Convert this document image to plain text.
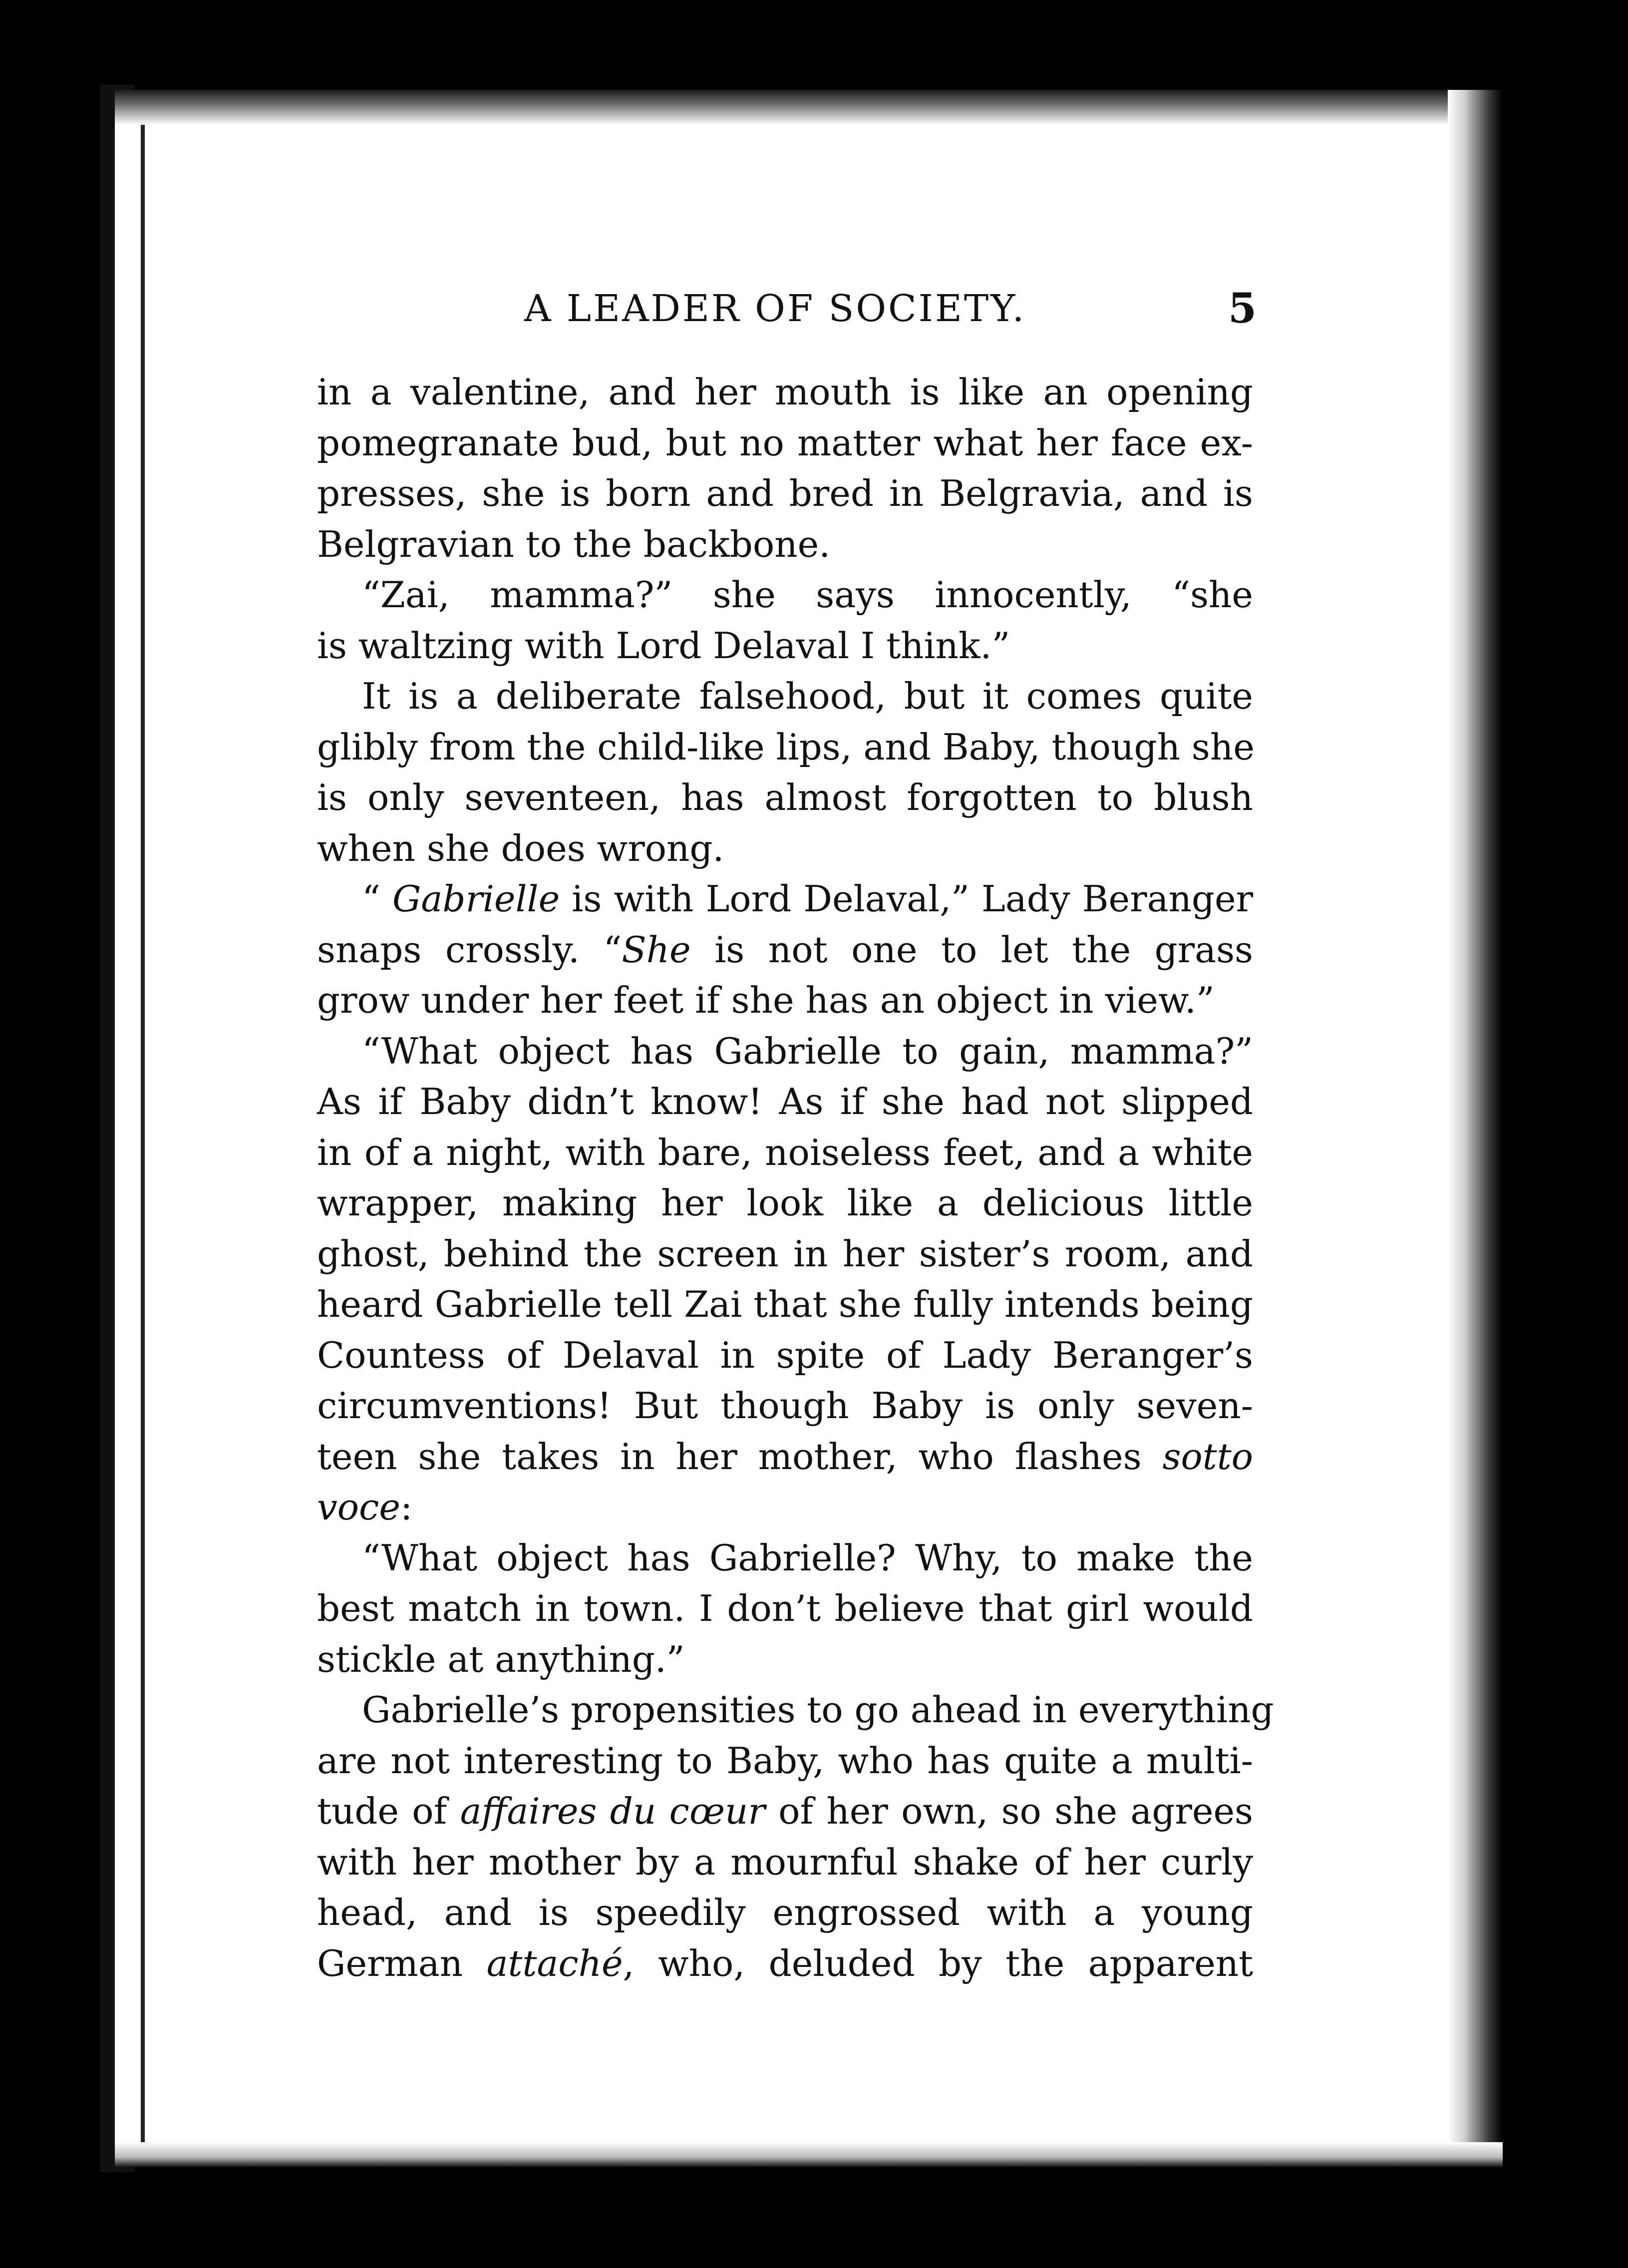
A LEADER OF SOCIETY.	5
in a valentine, and her mouth is like an opening
pomegranate bud, but no matter what her face ex-
presses, she is born and bred in Belgravia, and is
Belgravian to the backbone.
“Zai, mamma?” she says innocently, “she
is waltzing with Lord Delaval I think.”
It is a deliberate falsehood, but it comes quite
glibly from the child-like lips, and Baby, though she
is only seventeen, has almost forgotten to blush
when she does wrong.
“ Gabrielle is with Lord Delaval,” Lady Beranger
snaps crossly. “She is not one to let the grass
grow under her feet if she has an object in view.”
“What object has Gabrielle to gain, mamma?”
As if Baby didn’t know! As if she had not slipped
in of a night, with bare, noiseless feet, and a white
wrapper, making her look like a delicious little
ghost, behind the screen in her sister’s room, and
heard Gabrielle tell Zai that she fully intends being
Countess of Delaval in spite of Lady Beranger’s
circumventions! But though Baby is only seven-
teen she takes in her mother, who flashes sotto
voce:
“What object has Gabrielle? Why, to make the
best match in town. I don’t believe that girl would
stickle at anything.”
Gabrielle’s propensities to go ahead in everything
are not interesting to Baby, who has quite a multi-
tude of affaires du cœur of her own, so she agrees
with her mother by a mournful shake of her curly
head, and is speedily engrossed with a young
German attaché, who, deluded by the apparent
